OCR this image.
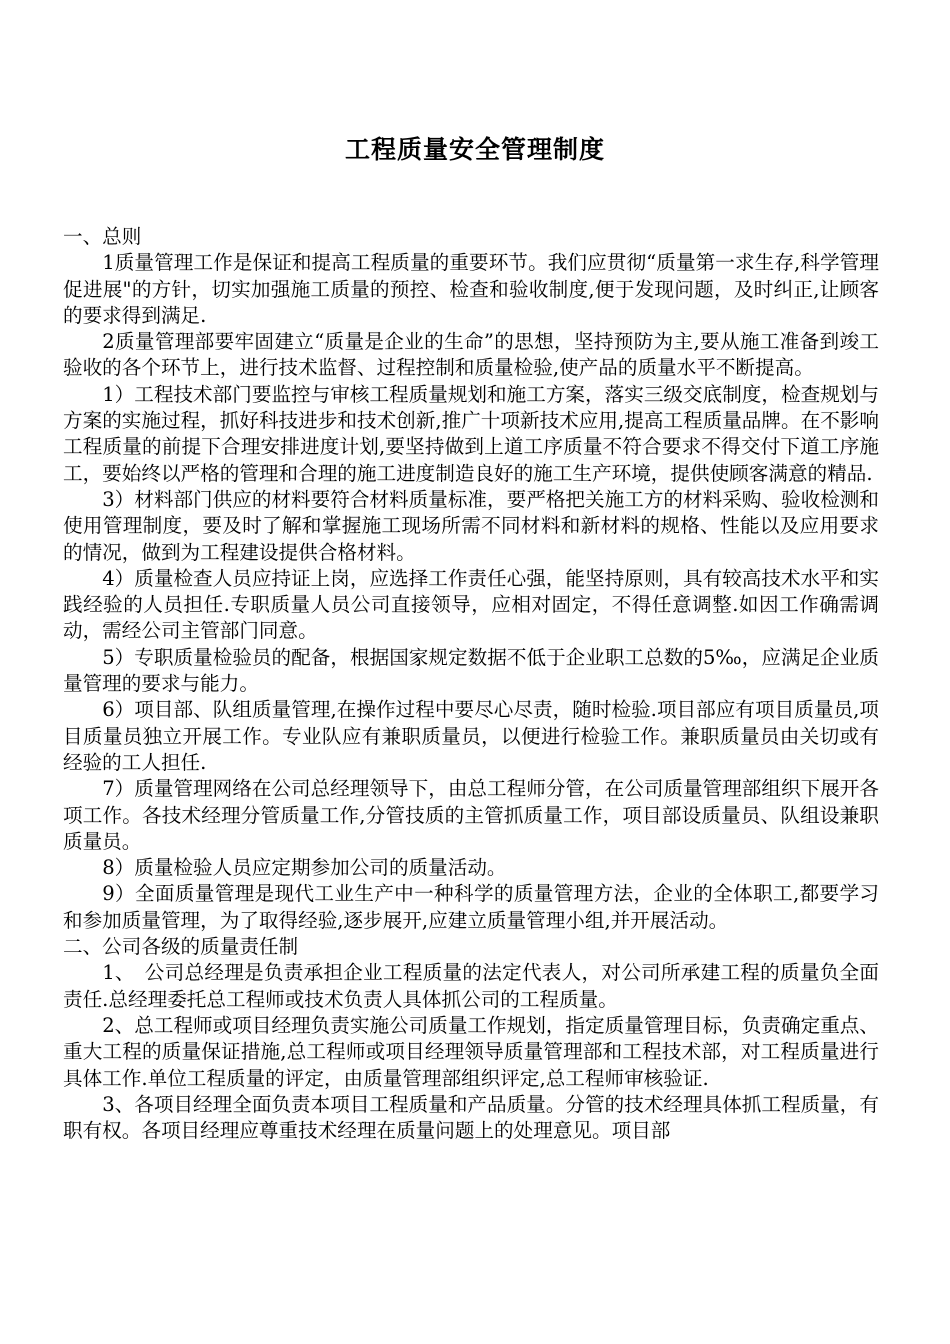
工程质量安全管理制度

一、总则

1质量管理工作是保证和提高工程质量的重要环节。我们应贯彻“质量第一求生存,科学管理促进展"的方针，切实加强施工质量的预控、检查和验收制度,便于发现问题，及时纠正,让顾客的要求得到满足.

2质量管理部要牢固建立“质量是企业的生命”的思想，坚持预防为主,要从施工准备到竣工验收的各个环节上，进行技术监督、过程控制和质量检验,使产品的质量水平不断提高。

1）工程技术部门要监控与审核工程质量规划和施工方案，落实三级交底制度，检查规划与方案的实施过程，抓好科技进步和技术创新,推广十项新技术应用,提高工程质量品牌。在不影响工程质量的前提下合理安排进度计划,要坚持做到上道工序质量不符合要求不得交付下道工序施工，要始终以严格的管理和合理的施工进度制造良好的施工生产环境，提供使顾客满意的精品.

3）材料部门供应的材料要符合材料质量标准，要严格把关施工方的材料采购、验收检测和使用管理制度，要及时了解和掌握施工现场所需不同材料和新材料的规格、性能以及应用要求的情况，做到为工程建设提供合格材料。

4）质量检查人员应持证上岗，应选择工作责任心强，能坚持原则，具有较高技术水平和实践经验的人员担任.专职质量人员公司直接领导，应相对固定，不得任意调整.如因工作确需调动，需经公司主管部门同意。

5）专职质量检验员的配备，根据国家规定数据不低于企业职工总数的5‰，应满足企业质量管理的要求与能力。

6）项目部、队组质量管理,在操作过程中要尽心尽责，随时检验.项目部应有项目质量员,项目质量员独立开展工作。专业队应有兼职质量员，以便进行检验工作。兼职质量员由关切或有经验的工人担任.

7）质量管理网络在公司总经理领导下，由总工程师分管，在公司质量管理部组织下展开各项工作。各技术经理分管质量工作,分管技质的主管抓质量工作，项目部设质量员、队组设兼职质量员。

8）质量检验人员应定期参加公司的质量活动。

9）全面质量管理是现代工业生产中一种科学的质量管理方法，企业的全体职工,都要学习和参加质量管理，为了取得经验,逐步展开,应建立质量管理小组,并开展活动。

二、公司各级的质量责任制

1、　公司总经理是负责承担企业工程质量的法定代表人，对公司所承建工程的质量负全面责任.总经理委托总工程师或技术负责人具体抓公司的工程质量。

2、总工程师或项目经理负责实施公司质量工作规划，指定质量管理目标，负责确定重点、重大工程的质量保证措施,总工程师或项目经理领导质量管理部和工程技术部，对工程质量进行具体工作.单位工程质量的评定，由质量管理部组织评定,总工程师审核验证.

3、各项目经理全面负责本项目工程质量和产品质量。分管的技术经理具体抓工程质量，有职有权。各项目经理应尊重技术经理在质量问题上的处理意见。项目部
